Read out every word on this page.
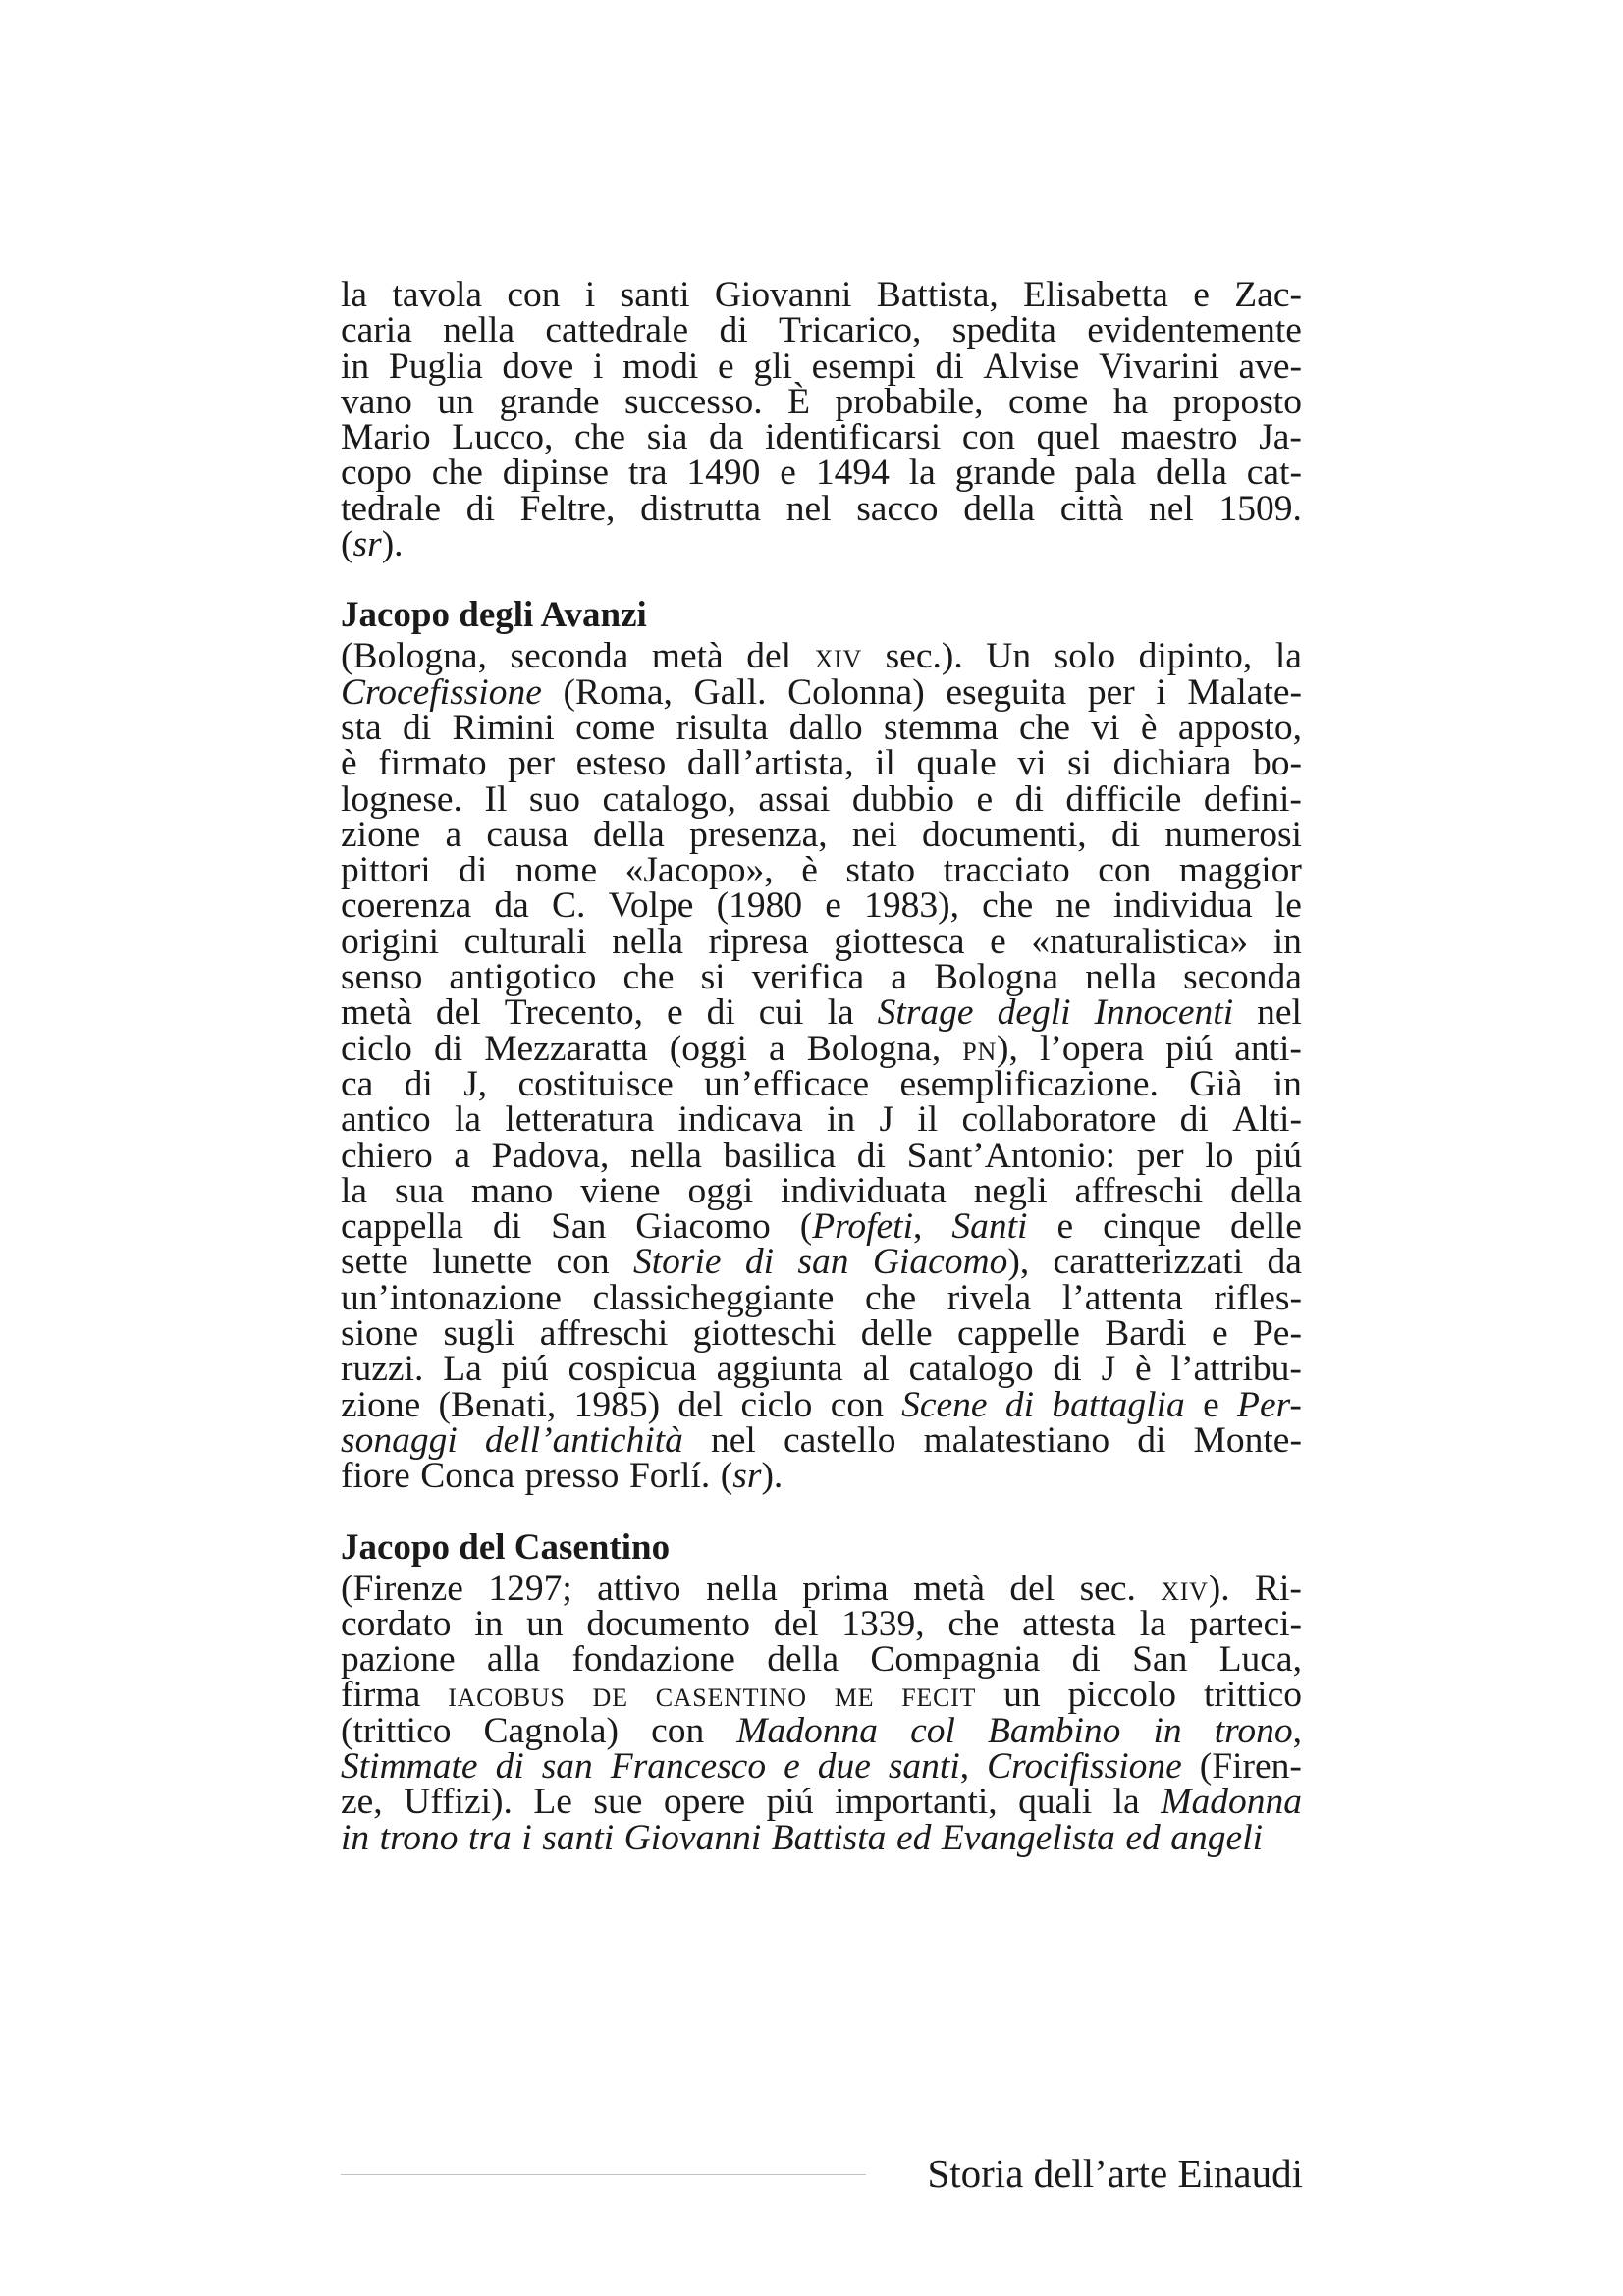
la tavola con i santi Giovanni Battista, Elisabetta e Zac-
caria nella cattedrale di Tricarico, spedita evidentemente
in Puglia dove i modi e gli esempi di Alvise Vivarini ave-
vano un grande successo. È probabile, come ha proposto
Mario Lucco, che sia da identificarsi con quel maestro Ja-
copo che dipinse tra 1490 e 1494 la grande pala della cat-
tedrale di Feltre, distrutta nel sacco della città nel 1509.
(sr).
Jacopo degli Avanzi
(Bologna, seconda metà del xiv sec.). Un solo dipinto, la
Crocefissione (Roma, Gall. Colonna) eseguita per i Malate-
sta di Rimini come risulta dallo stemma che vi è apposto,
è firmato per esteso dall’artista, il quale vi si dichiara bo-
lognese. Il suo catalogo, assai dubbio e di difficile defini-
zione a causa della presenza, nei documenti, di numerosi
pittori di nome «Jacopo», è stato tracciato con maggior
coerenza da C. Volpe (1980 e 1983), che ne individua le
origini culturali nella ripresa giottesca e «naturalistica» in
senso antigotico che si verifica a Bologna nella seconda
metà del Trecento, e di cui la Strage degli Innocenti nel
ciclo di Mezzaratta (oggi a Bologna, pn), l’opera piú anti-
ca di J, costituisce un’efficace esemplificazione. Già in
antico la letteratura indicava in J il collaboratore di Alti-
chiero a Padova, nella basilica di Sant’Antonio: per lo piú
la sua mano viene oggi individuata negli affreschi della
cappella di San Giacomo (Profeti, Santi e cinque delle
sette lunette con Storie di san Giacomo), caratterizzati da
un’intonazione classicheggiante che rivela l’attenta rifles-
sione sugli affreschi giotteschi delle cappelle Bardi e Pe-
ruzzi. La piú cospicua aggiunta al catalogo di J è l’attribu-
zione (Benati, 1985) del ciclo con Scene di battaglia e Per-
sonaggi dell’antichità nel castello malatestiano di Monte-
fiore Conca presso Forlí. (sr).
Jacopo del Casentino
(Firenze 1297; attivo nella prima metà del sec. xiv). Ri-
cordato in un documento del 1339, che attesta la parteci-
pazione alla fondazione della Compagnia di San Luca,
firma iacobus de casentino me fecit un piccolo trittico
(trittico Cagnola) con Madonna col Bambino in trono,
Stimmate di san Francesco e due santi, Crocifissione (Firen-
ze, Uffizi). Le sue opere piú importanti, quali la Madonna
in trono tra i santi Giovanni Battista ed Evangelista ed angeli
Storia dell’arte Einaudi
